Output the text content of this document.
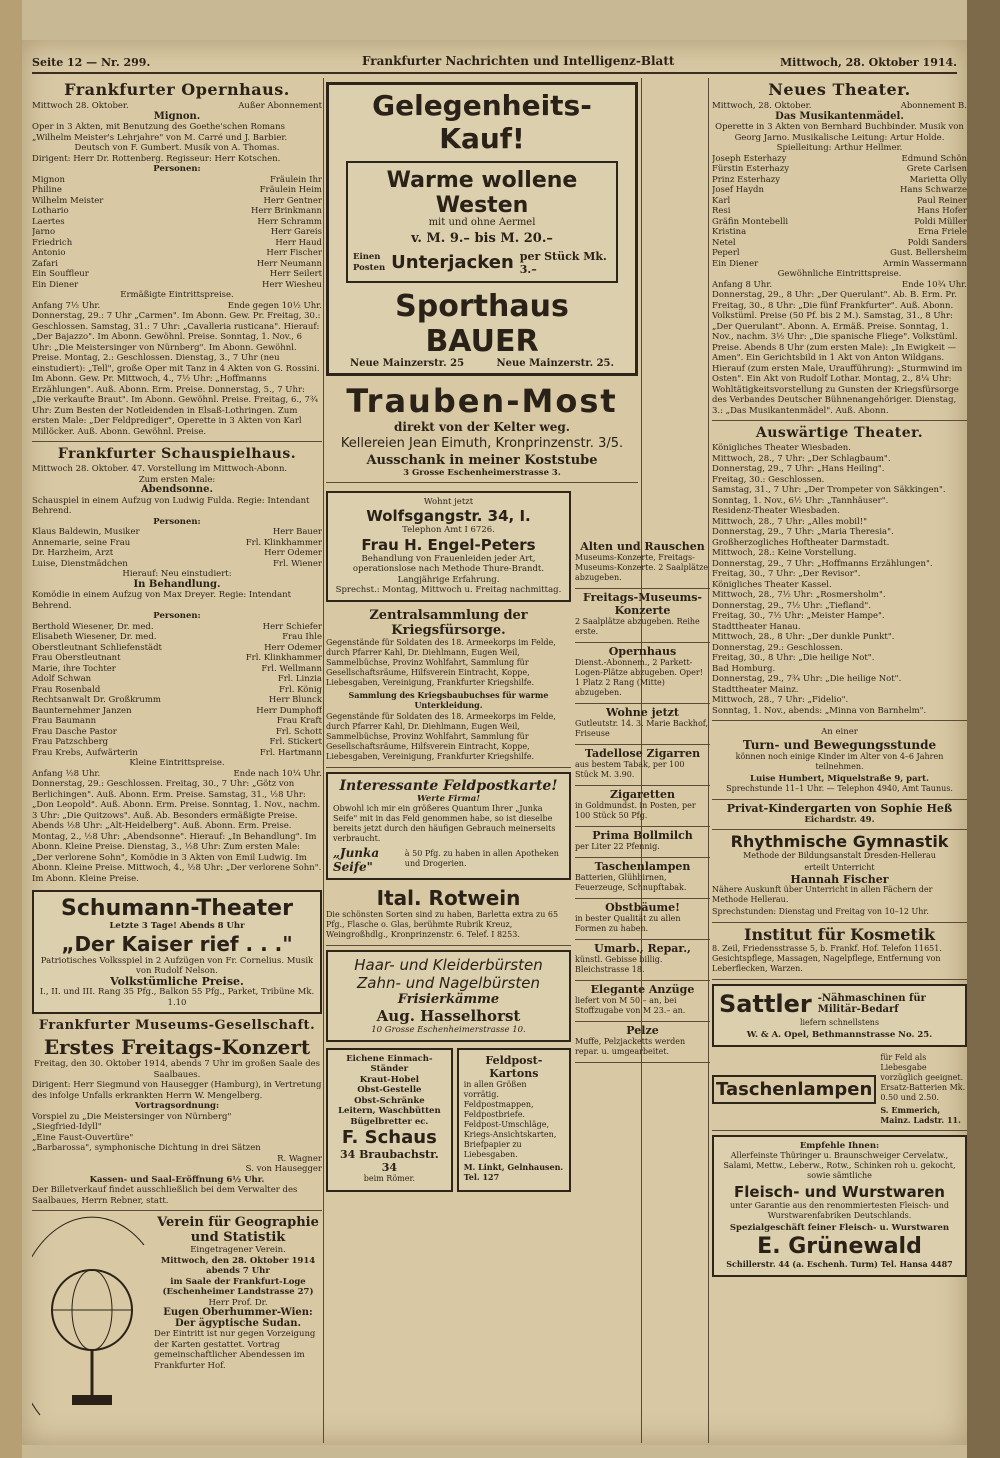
Seite 12 — Nr. 299.	Frankfurter Nachrichten und Intelligenz-Blatt	Mittwoch, 28. Oktober 1914.
Frankfurter Opernhaus.
Mittwoch 28. Oktober.	Außer Abonnement

Mignon.

Oper in 3 Akten, mit Benutzung des Goethe'schen Romans „Wilhelm Meister's Lehrjahre" von M. Carré und J. Barbier.

Deutsch von F. Gumbert. Musik von A. Thomas.

Dirigent: Herr Dr. Rottenberg. Regisseur: Herr Kotschen.

Personen:

Mignon	Fräulein Ihr
Philine	Fräulein Heim
Wilhelm Meister	Herr Gentner
Lothario	Herr Brinkmann
Laertes	Herr Schramm
Jarno	Herr Gareis
Friedrich	Herr Haud
Antonio	Herr Fischer
Zafari	Herr Neumann
Ein Souffleur	Herr Seilert
Ein Diener	Herr Wiesheu

Ermäßigte Eintrittspreise.

Anfang 7½ Uhr.	Ende gegen 10½ Uhr.

Donnerstag, 29.: 7 Uhr „Carmen". Im Abonn. Gew. Pr. Freitag, 30.: Geschlossen. Samstag, 31.: 7 Uhr: „Cavalleria rusticana". Hierauf: „Der Bajazzo". Im Abonn. Gewöhnl. Preise. Sonntag, 1. Nov., 6 Uhr: „Die Meistersinger von Nürnberg". Im Abonn. Gewöhnl. Preise. Montag, 2.: Geschlossen. Dienstag, 3., 7 Uhr (neu einstudiert): „Tell", große Oper mit Tanz in 4 Akten von G. Rossini. Im Abonn. Gew. Pr. Mittwoch, 4., 7½ Uhr: „Hoffmanns Erzählungen". Auß. Abonn. Erm. Preise. Donnerstag, 5., 7 Uhr: „Die verkaufte Braut". Im Abonn. Gewöhnl. Preise. Freitag, 6., 7¾ Uhr: Zum Besten der Notleidenden in Elsaß-Lothringen. Zum ersten Male: „Der Feldprediger", Operette in 3 Akten von Karl Millöcker. Auß. Abonn. Gewöhnl. Preise.

Frankfurter Schauspielhaus.

Mittwoch 28. Oktober. 47. Vorstellung im Mittwoch-Abonn.

Zum ersten Male:

Abendsonne.

Schauspiel in einem Aufzug von Ludwig Fulda. Regie: Intendant Behrend.

Personen:

Klaus Baldewin, Musiker	Herr Bauer
Annemarie, seine Frau	Frl. Klinkhammer
Dr. Harzheim, Arzt	Herr Odemer
Luise, Dienstmädchen	Frl. Wiener

Hierauf: Neu einstudiert:

In Behandlung.

Komödie in einem Aufzug von Max Dreyer. Regie: Intendant Behrend.

Personen:

Berthold Wiesener, Dr. med.	Herr Schiefer
Elisabeth Wiesener, Dr. med.	Frau Ihle
Oberstleutnant Schliefenstädt	Herr Odemer
Frau Oberstleutnant	Frl. Klinkhammer
Marie, ihre Tochter	Frl. Wellmann
Adolf Schwan	Frl. Linzia
Frau Rosenbald	Frl. König
Rechtsanwalt Dr. Großkrumm	Herr Blunck
Baunternehmer Janzen	Herr Dumphoff
Frau Baumann	Frau Kraft
Frau Dasche Pastor	Frl. Schott
Frau Patzschberg	Frl. Stickert
Frau Krebs, Aufwärterin	Frl. Hartmann

Kleine Eintrittspreise.

Anfang ½8 Uhr.	Ende nach 10¼ Uhr.

Donnerstag, 29.: Geschlossen. Freitag, 30., 7 Uhr: „Götz von Berlichingen". Auß. Abonn. Erm. Preise. Samstag, 31., ½8 Uhr: „Don Leopold". Auß. Abonn. Erm. Preise. Sonntag, 1. Nov., nachm. 3 Uhr: „Die Quitzows". Auß. Ab. Besonders ermäßigte Preise. Abends ½8 Uhr: „Alt-Heidelberg". Auß. Abonn. Erm. Preise. Montag, 2., ½8 Uhr: „Abendsonne". Hierauf: „In Behandlung". Im Abonn. Kleine Preise. Dienstag, 3., ½8 Uhr: Zum ersten Male: „Der verlorene Sohn", Komödie in 3 Akten von Emil Ludwig. Im Abonn. Kleine Preise. Mittwoch, 4., ½8 Uhr: „Der verlorene Sohn". Im Abonn. Kleine Preise.

Schumann-Theater

Letzte 3 Tage! Abends 8 Uhr

„Der Kaiser rief . . ."

Patriotisches Volksspiel in 2 Aufzügen von Fr. Cornelius. Musik von Rudolf Nelson.

Volkstümliche Preise.

I., II. und III. Rang 35 Pfg., Balkon 55 Pfg., Parket, Tribüne Mk. 1.10

Frankfurter Museums-Gesellschaft.
Erstes Freitags-Konzert

Freitag, den 30. Oktober 1914, abends 7 Uhr im großen Saale des Saalbaues.

Dirigent: Herr Siegmund von Hausegger (Hamburg), in Vertretung des infolge Unfalls erkrankten Herrn W. Mengelberg.

Vortragsordnung:

Vorspiel zu „Die Meistersinger von Nürnberg"

„Siegfried-Idyll"

„Eine Faust-Ouvertüre"

„Barbarossa", symphonische Dichtung in drei Sätzen

R. Wagner
S. von Hausegger

Kassen- und Saal-Eröffnung 6½ Uhr.

Der Billetverkauf findet ausschließlich bei dem Verwalter des Saalbaues, Herrn Rebner, statt.

Verein für Geographie und Statistik

Eingetragener Verein.

Mittwoch, den 28. Oktober 1914 abends 7 Uhr

im Saale der Frankfurt-Loge (Eschenheimer Landstrasse 27)

Herr Prof. Dr.

Eugen Oberhummer-Wien:

Der ägyptische Sudan.

Der Eintritt ist nur gegen Vorzeigung der Karten gestattet. Vortrag gemeinschaftlicher Abendessen im Frankfurter Hof.

Gelegenheits-Kauf!
Warme wollene Westen

mit und ohne Aermel

v. M. 9.– bis M. 20.–

Einen Posten Unterjacken per Stück Mk. 3.–
Sporthaus BAUER
Neue Mainzerstr. 25	Neue Mainzerstr. 25.
Trauben-Most

direkt von der Kelter weg.

Kellereien Jean Eimuth, Kronprinzenstr. 3/5.

Ausschank in meiner Koststube

3 Grosse Eschenheimerstrasse 3.

Wohnt jetzt

Wolfsgangstr. 34, I.

Telephon Amt I 6726.

Frau H. Engel-Peters

Behandlung von Frauenleiden jeder Art, operationslose nach Methode Thure-Brandt. Langjährige Erfahrung.

Sprechst.: Montag, Mittwoch u. Freitag nachmittag.

Zentralsammlung der Kriegsfürsorge.

Gegenstände für Soldaten des 18. Armeekorps im Felde, durch Pfarrer Kahl, Dr. Diehlmann, Eugen Weil, Sammelbüchse, Provinz Wohlfahrt, Sammlung für Gesellschaftsräume, Hilfsverein Eintracht, Koppe, Liebesgaben, Vereinigung, Frankfurter Kriegshilfe.

Sammlung des Kriegsbaubuchses für warme Unterkleidung.

Gegenstände für Soldaten des 18. Armeekorps im Felde, durch Pfarrer Kahl, Dr. Diehlmann, Eugen Weil, Sammelbüchse, Provinz Wohlfahrt, Sammlung für Gesellschaftsräume, Hilfsverein Eintracht, Koppe, Liebesgaben, Vereinigung, Frankfurter Kriegshilfe.

Interessante Feldpostkarte!

Werte Firma!

Obwohl ich mir ein größeres Quantum Ihrer „Junka Seife" mit in das Feld genommen habe, so ist dieselbe bereits jetzt durch den häufigen Gebrauch meinerseits verbraucht.

„Junka Seife"
à 50 Pfg. zu haben in allen Apotheken und Drogerien.
Ital. Rotwein

Die schönsten Sorten sind zu haben, Barletta extra zu 65 Pfg., Flasche o. Glas, berühmte Rubrik Kreuz, Weingroßhdlg., Kronprinzenstr. 6. Telef. I 8253.

Haar- und Kleiderbürsten

Zahn- und Nagelbürsten

Frisierkämme

Aug. Hasselhorst

10 Grosse Eschenheimerstrasse 10.

Eichene Einmach-Ständer

Kraut-Hobel

Obst-Gestelle

Obst-Schränke

Leitern, Waschbütten

Bügelbretter ec.

F. Schaus

34 Braubachstr. 34

beim Römer.

Feldpost-Kartons

in allen Größen vorrätig. Feldpostmappen, Feldpostbriefe. Feldpost-Umschläge, Kriegs-Ansichtskarten, Briefpapier zu Liebesgaben.

M. Linkt, Gelnhausen. Tel. 127

Alten und Rauschen

Museums-Konzerte, Freitags-Museums-Konzerte. 2 Saalplätze abzugeben.

Freitags-Museums-Konzerte

2 Saalplätze abzugeben. Reihe erste.

Opernhaus

Dienst.-Abonnem., 2 Parkett-Logen-Plätze abzugeben. Oper! 1 Platz 2 Rang (Mitte) abzugeben.

Wohne jetzt

Gutleutstr. 14. 3. Marie Backhof, Friseuse

Tadellose Zigarren

aus bestem Tabak, per 100 Stück M. 3.90.

Zigaretten

in Goldmundst. in Posten, per 100 Stück 50 Pfg.

Prima Bollmilch

per Liter 22 Pfennig.

Taschenlampen

Batterien, Glühbirnen, Feuerzeuge, Schnupftabak.

Obstbäume!

in bester Qualität zu allen Formen zu haben.

Umarb., Repar.,

künstl. Gebisse billig. Bleichstrasse 18.

Elegante Anzüge

liefert von M 50.– an, bei Stoffzugabe von M 23.– an.

Pelze

Muffe, Pelzjacketts werden repar. u. umgearbeitet.

Neues Theater.
Mittwoch, 28. Oktober.	Abonnement B.

Das Musikantenmädel.

Operette in 3 Akten von Bernhard Buchbinder. Musik von Georg Jarno. Musikalische Leitung: Artur Holde. Spielleitung: Arthur Hellmer.

Joseph Esterhazy	Edmund Schön
Fürstin Esterhazy	Grete Carlsen
Prinz Esterhazy	Marietta Olly
Josef Haydn	Hans Schwarze
Karl	Paul Reiner
Resi	Hans Hofer
Gräfin Montebelli	Poldi Müller
Kristina	Erna Friele
Netel	Poldi Sanders
Peperl	Gust. Bellersheim
Ein Diener	Armin Wassermann

Gewöhnliche Eintrittspreise.

Anfang 8 Uhr.	Ende 10¾ Uhr.

Donnerstag, 29., 8 Uhr: „Der Querulant". Ab. B. Erm. Pr. Freitag, 30., 8 Uhr: „Die fünf Frankfurter". Auß. Abonn. Volkstüml. Preise (50 Pf. bis 2 M.). Samstag, 31., 8 Uhr: „Der Querulant". Abonn. A. Ermäß. Preise. Sonntag, 1. Nov., nachm. 3½ Uhr: „Die spanische Fliege". Volkstüml. Preise. Abends 8 Uhr (zum ersten Male): „In Ewigkeit — Amen". Ein Gerichtsbild in 1 Akt von Anton Wildgans. Hierauf (zum ersten Male, Uraufführung): „Sturmwind im Osten". Ein Akt von Rudolf Lothar. Montag, 2., 8¼ Uhr: Wohltätigkeitsvorstellung zu Gunsten der Kriegsfürsorge des Verbandes Deutscher Bühnenangehöriger. Dienstag, 3.: „Das Musikantenmädel". Auß. Abonn.

Auswärtige Theater.

Königliches Theater Wiesbaden.

Mittwoch, 28., 7 Uhr: „Der Schlagbaum".

Donnerstag, 29., 7 Uhr: „Hans Heiling".

Freitag, 30.: Geschlossen.

Samstag, 31., 7 Uhr: „Der Trompeter von Säkkingen".

Sonntag, 1. Nov., 6½ Uhr: „Tannhäuser".

Residenz-Theater Wiesbaden.

Mittwoch, 28., 7 Uhr: „Alles mobil!"

Donnerstag, 29., 7 Uhr: „Maria Theresia".

Großherzogliches Hoftheater Darmstadt.

Mittwoch, 28.: Keine Vorstellung.

Donnerstag, 29., 7 Uhr: „Hoffmanns Erzählungen".

Freitag, 30., 7 Uhr: „Der Revisor".

Königliches Theater Kassel.

Mittwoch, 28., 7½ Uhr: „Rosmersholm".

Donnerstag, 29., 7½ Uhr: „Tiefland".

Freitag, 30., 7½ Uhr: „Meister Hampe".

Stadttheater Hanau.

Mittwoch, 28., 8 Uhr: „Der dunkle Punkt".

Donnerstag, 29.: Geschlossen.

Freitag, 30., 8 Uhr: „Die heilige Not".

Bad Homburg.

Donnerstag, 29., 7¾ Uhr: „Die heilige Not".

Stadttheater Mainz.

Mittwoch, 28., 7 Uhr: „Fidelio".

Sonntag, 1. Nov., abends: „Minna von Barnhelm".

An einer

Turn- und Bewegungsstunde

können noch einige Kinder im Alter von 4–6 Jahren teilnehmen.

Luise Humbert, Miquelstraße 9, part.

Sprechstunde 11–1 Uhr. — Telephon 4940, Amt Taunus.

Privat-Kindergarten von Sophie Heß

Eichardstr. 49.

Rhythmische Gymnastik

Methode der Bildungsanstalt Dresden-Hellerau

erteilt Unterricht

Hannah Fischer

Nähere Auskunft über Unterricht in allen Fächern der Methode Hellerau.

Sprechstunden: Dienstag und Freitag von 10–12 Uhr.

Institut für Kosmetik

8. Zeil, Friedensstrasse 5, b. Frankf. Hof. Telefon 11651. Gesichtspflege, Massagen, Nagelpflege, Entfernung von Leberflecken, Warzen.

Sattler -Nähmaschinen für Militär-Bedarf

liefern schnellstens

W. & A. Opel, Bethmannstrasse No. 25.

Taschenlampen
für Feld als Liebesgabe vorzüglich geeignet. Ersatz-Batterien Mk. 0.50 und 2.50.
S. Emmerich, Mainz. Ladstr. 11.

Empfehle Ihnen:

Allerfeinste Thüringer u. Braunschweiger Cervelatw., Salami, Mettw., Leberw., Rotw., Schinken roh u. gekocht, sowie sämtliche

Fleisch- und Wurstwaren

unter Garantie aus den renommiertesten Fleisch- und Wurstwarenfabriken Deutschlands.

Spezialgeschäft feiner Fleisch- u. Wurstwaren

E. Grünewald

Schillerstr. 44 (a. Eschenh. Turm) Tel. Hansa 4487
